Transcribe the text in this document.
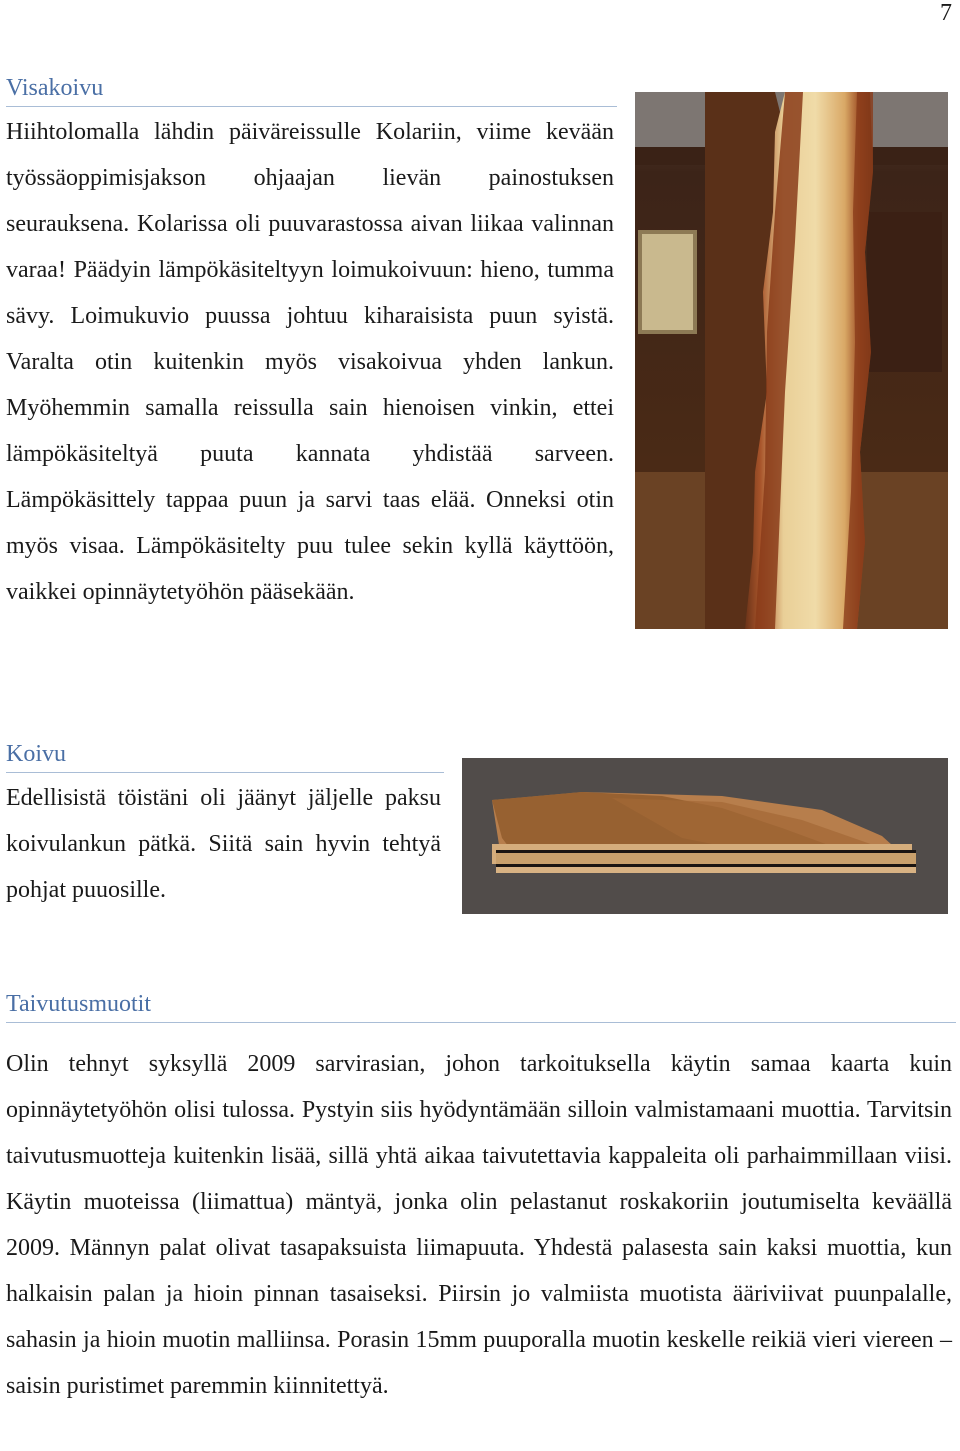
7
Visakoivu

Hiihtolomalla lähdin päiväreissulle Kolariin, viime kevään työssäoppimisjakson ohjaajan lievän painostuksen seurauksena. Kolarissa oli puuvarastossa aivan liikaa valinnan varaa! Päädyin lämpökäsiteltyyn loimukoivuun: hieno, tumma sävy. Loimukuvio puussa johtuu kiharaisista puun syistä. Varalta otin kuitenkin myös visakoivua yhden lankun. Myöhemmin samalla reissulla sain hienoisen vinkin, ettei lämpökäsiteltyä puuta kannata yhdistää sarveen. Lämpökäsittely tappaa puun ja sarvi taas elää. Onneksi otin myös visaa. Lämpökäsitelty puu tulee sekin kyllä käyttöön, vaikkei opinnäytetyöhön pääsekään.

Koivu

Edellisistä töistäni oli jäänyt jäljelle paksu koivulankun pätkä. Siitä sain hyvin tehtyä pohjat puuosille.

Taivutusmuotit

Olin tehnyt syksyllä 2009 sarvirasian, johon tarkoituksella käytin samaa kaarta kuin opinnäytetyöhön olisi tulossa. Pystyin siis hyödyntämään silloin valmistamaani muottia. Tarvitsin taivutusmuotteja kuitenkin lisää, sillä yhtä aikaa taivutettavia kappaleita oli parhaimmillaan viisi. Käytin muoteissa (liimattua) mäntyä, jonka olin pelastanut roskakoriin joutumiselta keväällä 2009. Männyn palat olivat tasapaksuista liimapuuta. Yhdestä palasesta sain kaksi muottia, kun halkaisin palan ja hioin pinnan tasaiseksi. Piirsin jo valmiista muotista ääriviivat puunpalalle, sahasin ja hioin muotin malliinsa. Porasin 15mm puuporalla muotin keskelle reikiä vieri viereen – saisin puristimet paremmin kiinnitettyä.
